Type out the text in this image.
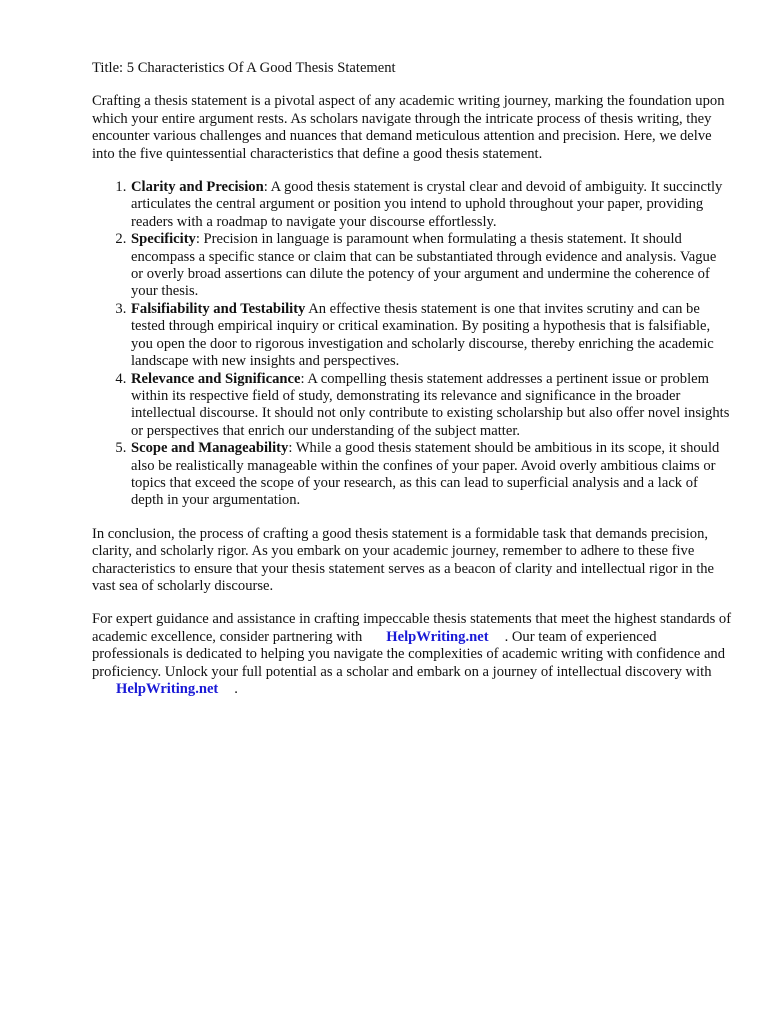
Title: 5 Characteristics Of A Good Thesis Statement

Crafting a thesis statement is a pivotal aspect of any academic writing journey, marking the foundation upon which your entire argument rests. As scholars navigate through the intricate process of thesis writing, they encounter various challenges and nuances that demand meticulous attention and precision. Here, we delve into the five quintessential characteristics that define a good thesis statement.

1. Clarity and Precision: A good thesis statement is crystal clear and devoid of ambiguity. It succinctly articulates the central argument or position you intend to uphold throughout your paper, providing readers with a roadmap to navigate your discourse effortlessly.
2. Specificity: Precision in language is paramount when formulating a thesis statement. It should encompass a specific stance or claim that can be substantiated through evidence and analysis. Vague or overly broad assertions can dilute the potency of your argument and undermine the coherence of your thesis.
3. Falsifiability and Testability An effective thesis statement is one that invites scrutiny and can be tested through empirical inquiry or critical examination. By positing a hypothesis that is falsifiable, you open the door to rigorous investigation and scholarly discourse, thereby enriching the academic landscape with new insights and perspectives.
4. Relevance and Significance: A compelling thesis statement addresses a pertinent issue or problem within its respective field of study, demonstrating its relevance and significance in the broader intellectual discourse. It should not only contribute to existing scholarship but also offer novel insights or perspectives that enrich our understanding of the subject matter.
5. Scope and Manageability: While a good thesis statement should be ambitious in its scope, it should also be realistically manageable within the confines of your paper. Avoid overly ambitious claims or topics that exceed the scope of your research, as this can lead to superficial analysis and a lack of depth in your argumentation.

In conclusion, the process of crafting a good thesis statement is a formidable task that demands precision, clarity, and scholarly rigor. As you embark on your academic journey, remember to adhere to these five characteristics to ensure that your thesis statement serves as a beacon of clarity and intellectual rigor in the vast sea of scholarly discourse.

For expert guidance and assistance in crafting impeccable thesis statements that meet the highest standards of academic excellence, consider partnering with HelpWriting.net . Our team of experienced professionals is dedicated to helping you navigate the complexities of academic writing with confidence and proficiency. Unlock your full potential as a scholar and embark on a journey of intellectual discovery withHelpWriting.net .
